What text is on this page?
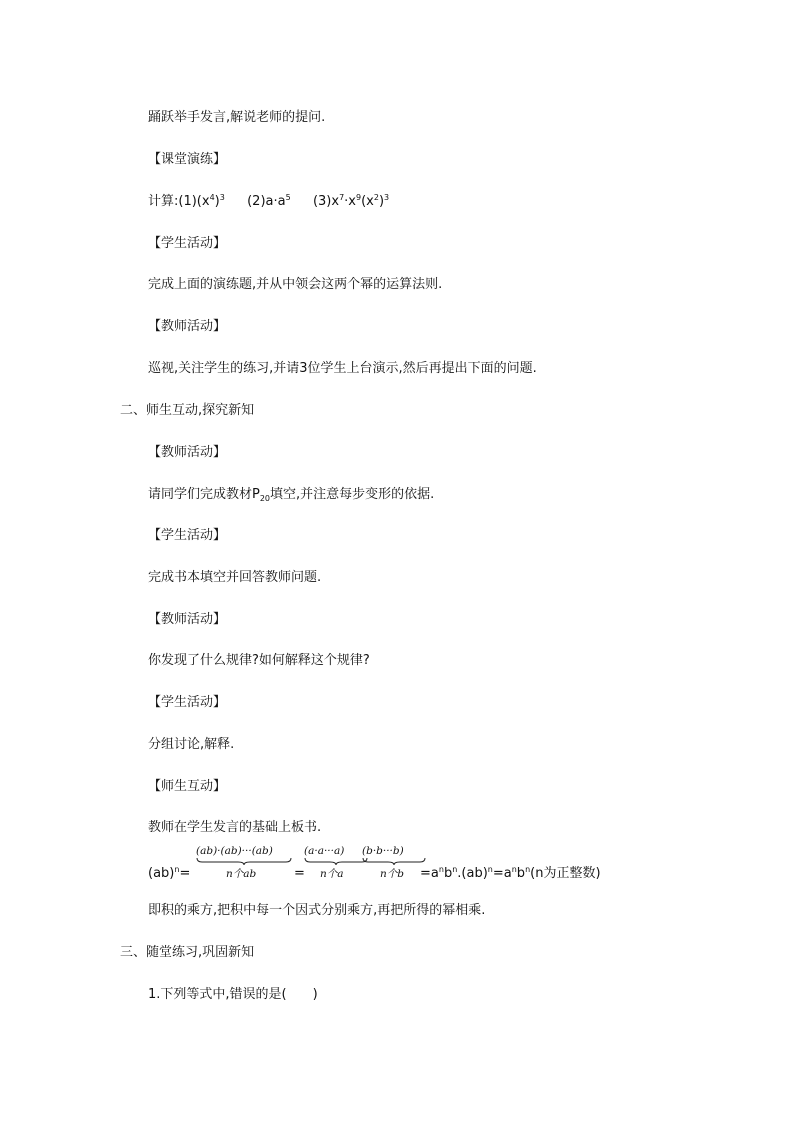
踊跃举手发言,解说老师的提问.
【课堂演练】
计算$:(1)(x^4)^3$ $(2)a\cdot a^5$ $(3)x^7\cdot x^9(x^2)^3$
【学生活动】
完成上面的演练题,并从中领会这两个幂的运算法则.
【教师活动】
巡视,关注学生的练习,并请3位学生上台演示,然后再提出下面的问题.
二、师生互动,探究新知
【教师活动】
请同学们完成教材$P_{20}$填空,并注意每步变形的依据.
【学生活动】
完成书本填空并回答教师问题.
【教师活动】
你发现了什么规律?如何解释这个规律?
【学生活动】
分组讨论,解释.
【师生互动】
教师在学生发言的基础上板书.
(ab)$^n$=
(ab)·(ab)···(ab)
n个ab	=
(a·a···a)
n个a
(b·b···b)
n个$b =a^nb^n.(ab)^n=a^nb^n(n$为正整数)
即积的乘方,把积中每一个因式分别乘方,再把所得的幂相乘.
三、随堂练习,巩固新知
1.下列等式中,错误的是(　　)
